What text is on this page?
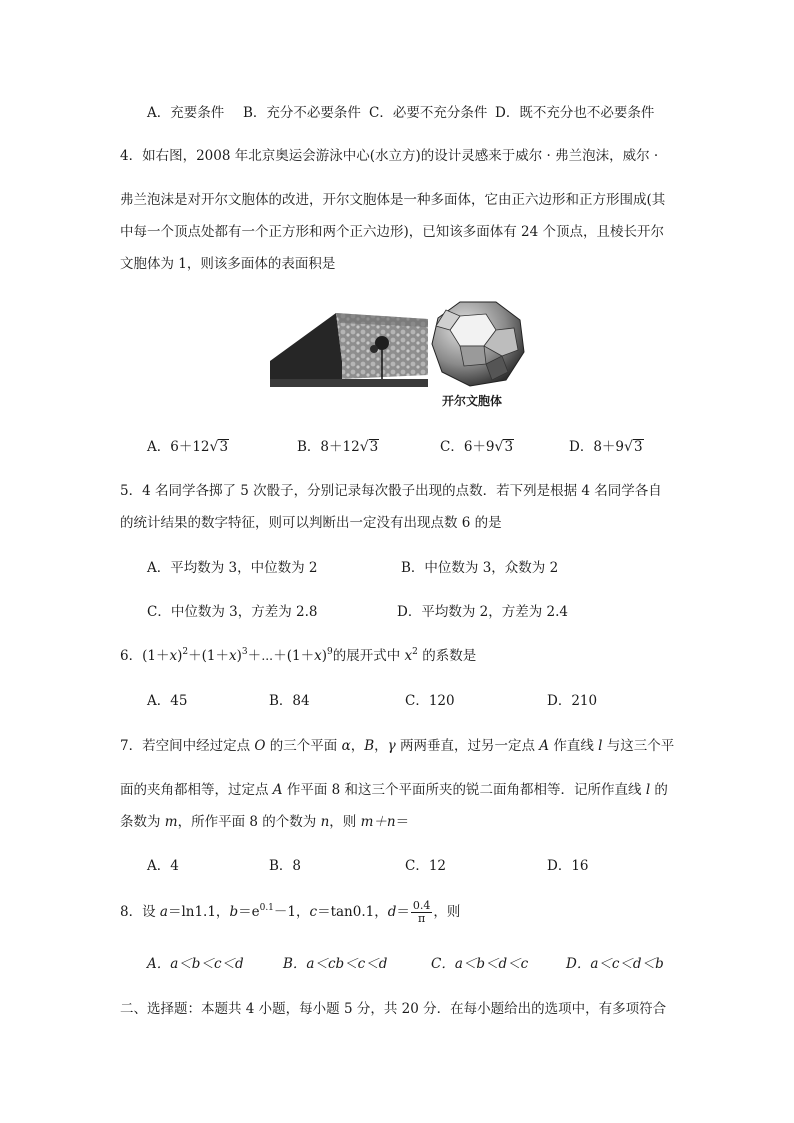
A．充要条件 B．充分不必要条件 C．必要不充分条件 D．既不充分也不必要条件
4．如右图，2008 年北京奥运会游泳中心(水立方)的设计灵感来于威尔 · 弗兰泡沫，威尔 ·
弗兰泡沫是对开尔文胞体的改进，开尔文胞体是一种多面体，它由正六边形和正方形围成(其
中每一个顶点处都有一个正方形和两个正六边形)，已知该多面体有 24 个顶点，且棱长开尔
文胞体为 1，则该多面体的表面积是
开尔文胞体
A．6＋12√3	B．8＋12√3	C．6＋9√3	D．8＋9√3
5．4 名同学各掷了 5 次骰子，分别记录每次骰子出现的点数．若下列是根据 4 名同学各自
的统计结果的数字特征，则可以判断出一定没有出现点数 6 的是
A．平均数为 3，中位数为 2	B．中位数为 3，众数为 2
C．中位数为 3，方差为 2.8	D．平均数为 2，方差为 2.4
6．$(1+x)^2+(1+x)^3+\cdots+(1+x)^9$的展开式中 $x^2$ 的系数是
A．45	B．84	C．120	D．210
7．若空间中经过定点 O 的三个平面 α，B，γ 两两垂直，过另一定点 A 作直线 l 与这三个平
面的夹角都相等，过定点 A 作平面 8 和这三个平面所夹的锐二面角都相等．记所作直线 l 的
条数为 m，所作平面 8 的个数为 n，则 m＋n＝
A．4	B．8	C．12	D．16
8．设 a＝ln1.1，$b=e^{0.1}-1$，c＝tan0.1，$d= \frac{0.4}{\pi}$ ，则
A．a＜b＜c＜d	B．a＜cb＜c＜d	C．a＜b＜d＜c	D．a＜c＜d＜b
二、选择题：本题共 4 小题，每小题 5 分，共 20 分．在每小题给出的选项中，有多项符合
